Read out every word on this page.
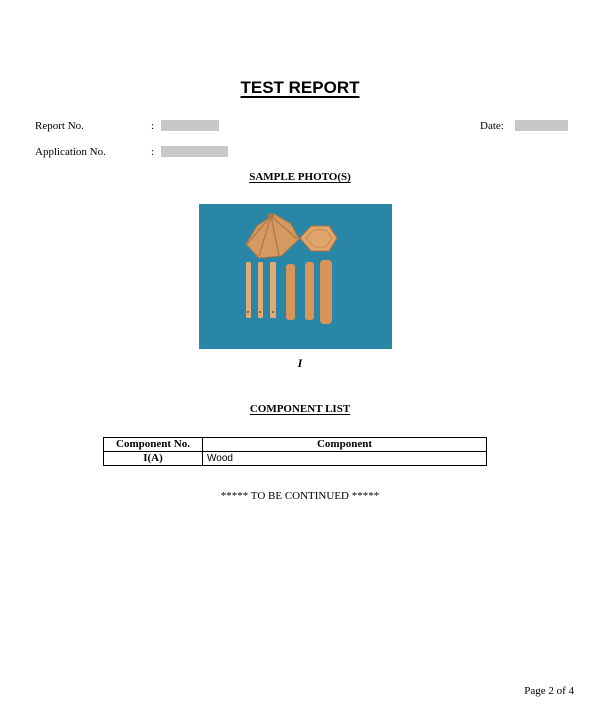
TEST REPORT
Report No.	:	Date:
Application No.	:
SAMPLE PHOTO(S)
I
COMPONENT LIST
Component No.	Component
I(A)	Wood
***** TO BE CONTINUED *****
Page 2 of 4
